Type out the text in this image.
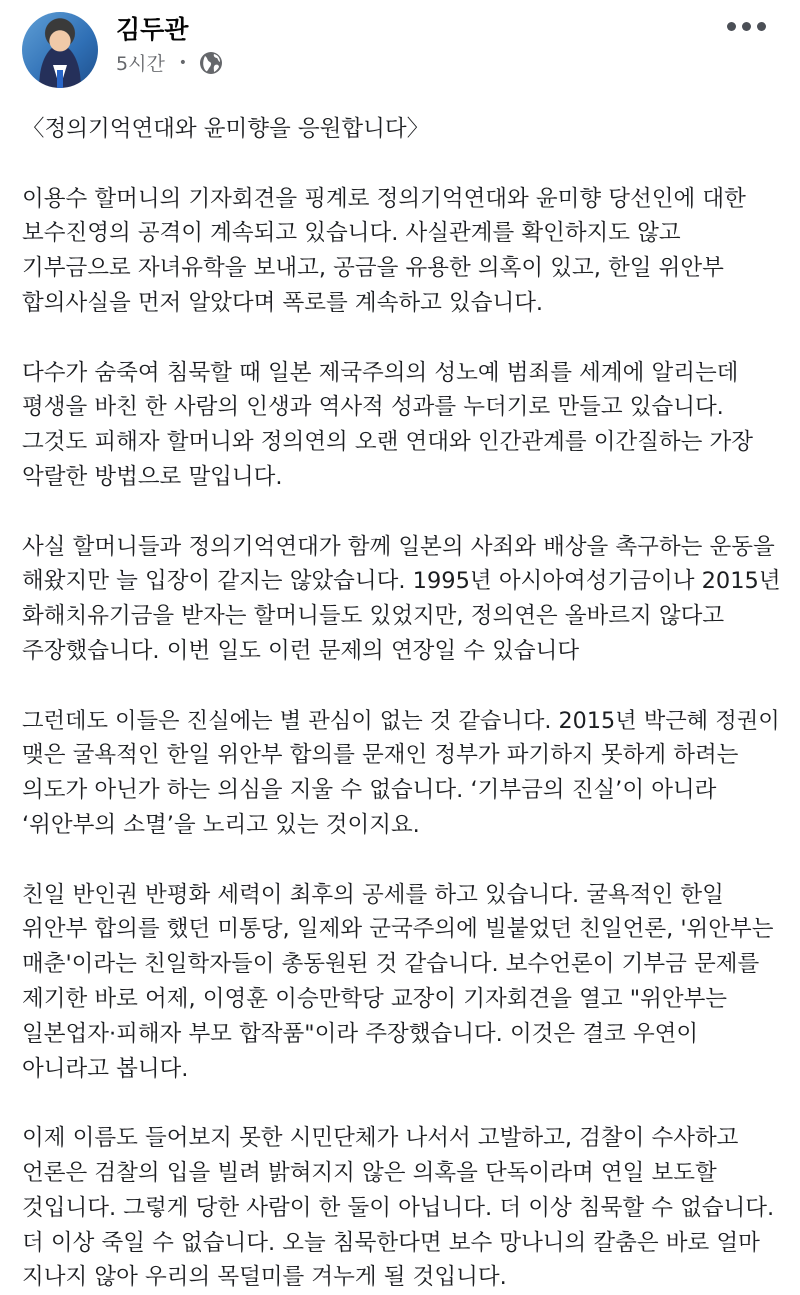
김두관
5시간 •
〈정의기억연대와 윤미향을 응원합니다〉
이용수 할머니의 기자회견을 핑계로 정의기억연대와 윤미향 당선인에 대한
보수진영의 공격이 계속되고 있습니다. 사실관계를 확인하지도 않고
기부금으로 자녀유학을 보내고, 공금을 유용한 의혹이 있고, 한일 위안부
합의사실을 먼저 알았다며 폭로를 계속하고 있습니다.
다수가 숨죽여 침묵할 때 일본 제국주의의 성노예 범죄를 세계에 알리는데
평생을 바친 한 사람의 인생과 역사적 성과를 누더기로 만들고 있습니다.
그것도 피해자 할머니와 정의연의 오랜 연대와 인간관계를 이간질하는 가장
악랄한 방법으로 말입니다.
사실 할머니들과 정의기억연대가 함께 일본의 사죄와 배상을 촉구하는 운동을
해왔지만 늘 입장이 같지는 않았습니다. 1995년 아시아여성기금이나 2015년
화해치유기금을 받자는 할머니들도 있었지만, 정의연은 올바르지 않다고
주장했습니다. 이번 일도 이런 문제의 연장일 수 있습니다
그런데도 이들은 진실에는 별 관심이 없는 것 같습니다. 2015년 박근혜 정권이
맺은 굴욕적인 한일 위안부 합의를 문재인 정부가 파기하지 못하게 하려는
의도가 아닌가 하는 의심을 지울 수 없습니다. ‘기부금의 진실’이 아니라
‘위안부의 소멸’을 노리고 있는 것이지요.
친일 반인권 반평화 세력이 최후의 공세를 하고 있습니다. 굴욕적인 한일
위안부 합의를 했던 미통당, 일제와 군국주의에 빌붙었던 친일언론, '위안부는
매춘'이라는 친일학자들이 총동원된 것 같습니다. 보수언론이 기부금 문제를
제기한 바로 어제, 이영훈 이승만학당 교장이 기자회견을 열고 "위안부는
일본업자·피해자 부모 합작품"이라 주장했습니다. 이것은 결코 우연이
아니라고 봅니다.
이제 이름도 들어보지 못한 시민단체가 나서서 고발하고, 검찰이 수사하고
언론은 검찰의 입을 빌려 밝혀지지 않은 의혹을 단독이라며 연일 보도할
것입니다. 그렇게 당한 사람이 한 둘이 아닙니다. 더 이상 침묵할 수 없습니다.
더 이상 죽일 수 없습니다. 오늘 침묵한다면 보수 망나니의 칼춤은 바로 얼마
지나지 않아 우리의 목덜미를 겨누게 될 것입니다.
